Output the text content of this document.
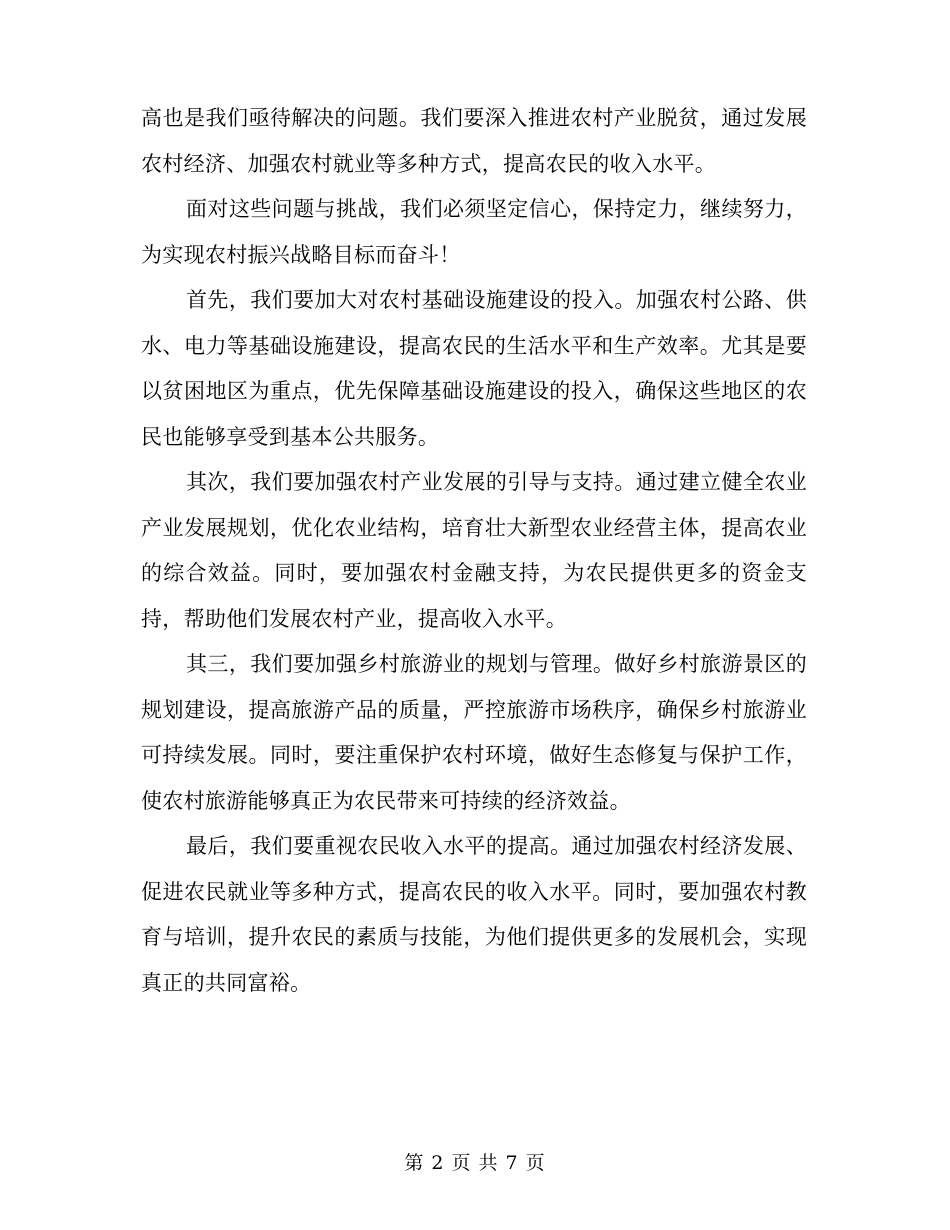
高也是我们亟待解决的问题。我们要深入推进农村产业脱贫，通过发展农村经济、加强农村就业等多种方式，提高农民的收入水平。

面对这些问题与挑战，我们必须坚定信心，保持定力，继续努力，为实现农村振兴战略目标而奋斗！

首先，我们要加大对农村基础设施建设的投入。加强农村公路、供水、电力等基础设施建设，提高农民的生活水平和生产效率。尤其是要以贫困地区为重点，优先保障基础设施建设的投入，确保这些地区的农民也能够享受到基本公共服务。

其次，我们要加强农村产业发展的引导与支持。通过建立健全农业产业发展规划，优化农业结构，培育壮大新型农业经营主体，提高农业的综合效益。同时，要加强农村金融支持，为农民提供更多的资金支持，帮助他们发展农村产业，提高收入水平。

其三，我们要加强乡村旅游业的规划与管理。做好乡村旅游景区的规划建设，提高旅游产品的质量，严控旅游市场秩序，确保乡村旅游业可持续发展。同时，要注重保护农村环境，做好生态修复与保护工作，使农村旅游能够真正为农民带来可持续的经济效益。

最后，我们要重视农民收入水平的提高。通过加强农村经济发展、促进农民就业等多种方式，提高农民的收入水平。同时，要加强农村教育与培训，提升农民的素质与技能，为他们提供更多的发展机会，实现真正的共同富裕。

第 2 页 共 7 页
